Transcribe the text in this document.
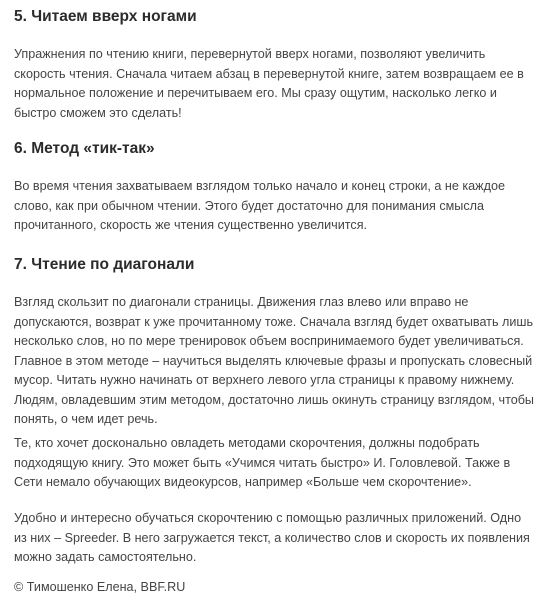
5. Читаем вверх ногами

Упражнения по чтению книги, перевернутой вверх ногами, позволяют увеличить скорость чтения. Сначала читаем абзац в перевернутой книге, затем возвращаем ее в нормальное положение и перечитываем его. Мы сразу ощутим, насколько легко и быстро сможем это сделать!

6. Метод «тик-так»

Во время чтения захватываем взглядом только начало и конец строки, а не каждое слово, как при обычном чтении. Этого будет достаточно для понимания смысла прочитанного, скорость же чтения существенно увеличится.

7. Чтение по диагонали

Взгляд скользит по диагонали страницы. Движения глаз влево или вправо не допускаются, возврат к уже прочитанному тоже. Сначала взгляд будет охватывать лишь несколько слов, но по мере тренировок объем воспринимаемого будет увеличиваться. Главное в этом методе – научиться выделять ключевые фразы и пропускать словесный мусор. Читать нужно начинать от верхнего левого угла страницы к правому нижнему. Людям, овладевшим этим методом, достаточно лишь окинуть страницу взглядом, чтобы понять, о чем идет речь.

Те, кто хочет досконально овладеть методами скорочтения, должны подобрать подходящую книгу. Это может быть «Учимся читать быстро» И. Головлевой. Также в Сети немало обучающих видеокурсов, например «Больше чем скорочтение».

Удобно и интересно обучаться скорочтению с помощью различных приложений. Одно из них – Spreeder. В него загружается текст, а количество слов и скорость их появления можно задать самостоятельно.

© Тимошенко Елена, BBF.RU
